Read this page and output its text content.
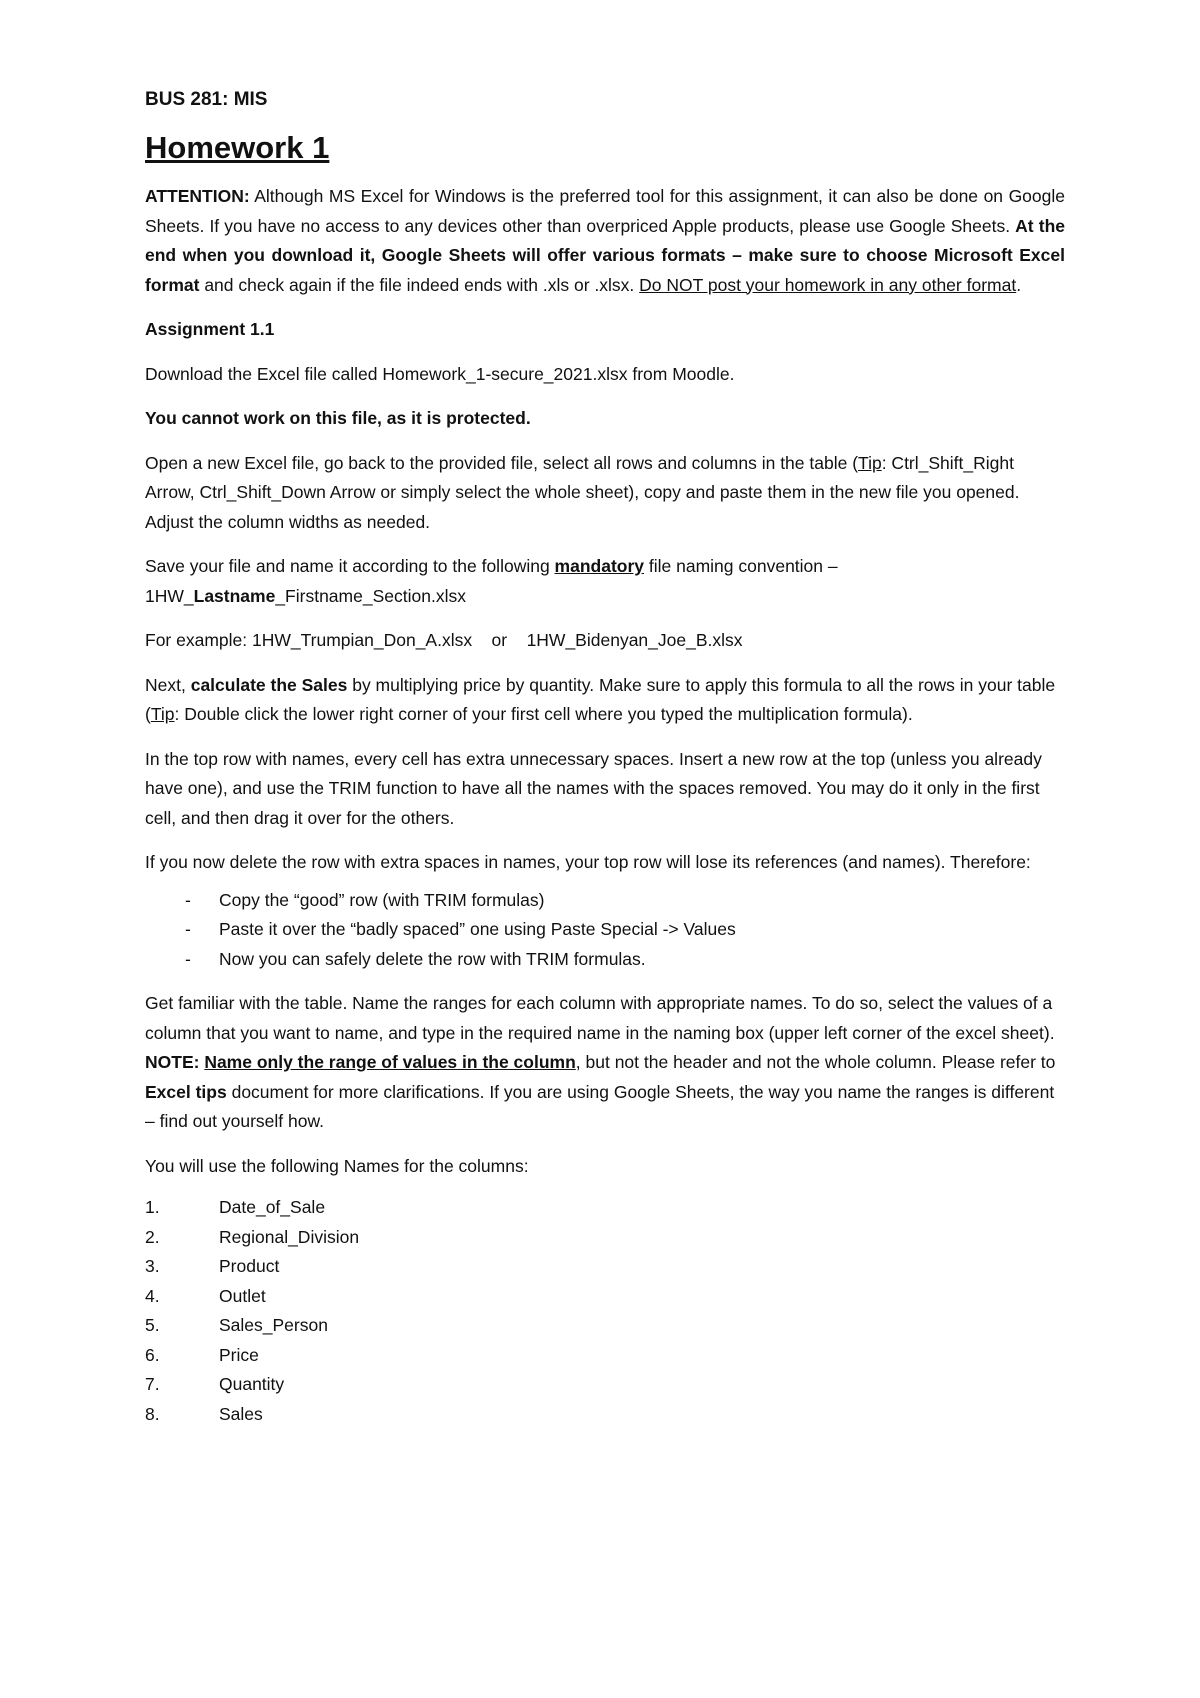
BUS 281: MIS
Homework 1

ATTENTION: Although MS Excel for Windows is the preferred tool for this assignment, it can also be done on Google Sheets. If you have no access to any devices other than overpriced Apple products, please use Google Sheets. At the end when you download it, Google Sheets will offer various formats – make sure to choose Microsoft Excel format and check again if the file indeed ends with .xls or .xlsx. Do NOT post your homework in any other format.

Assignment 1.1

Download the Excel file called Homework_1-secure_2021.xlsx from Moodle.

You cannot work on this file, as it is protected.

Open a new Excel file, go back to the provided file, select all rows and columns in the table (Tip: Ctrl_Shift_Right Arrow, Ctrl_Shift_Down Arrow or simply select the whole sheet), copy and paste them in the new file you opened. Adjust the column widths as needed.

Save your file and name it according to the following mandatory file naming convention – 1HW_Lastname_Firstname_Section.xlsx

For example: 1HW_Trumpian_Don_A.xlsx    or    1HW_Bidenyan_Joe_B.xlsx

Next, calculate the Sales by multiplying price by quantity. Make sure to apply this formula to all the rows in your table (Tip: Double click the lower right corner of your first cell where you typed the multiplication formula).

In the top row with names, every cell has extra unnecessary spaces. Insert a new row at the top (unless you already have one), and use the TRIM function to have all the names with the spaces removed. You may do it only in the first cell, and then drag it over for the others.

If you now delete the row with extra spaces in names, your top row will lose its references (and names). Therefore:

- Copy the “good” row (with TRIM formulas)
- Paste it over the “badly spaced” one using Paste Special -> Values
- Now you can safely delete the row with TRIM formulas.

Get familiar with the table. Name the ranges for each column with appropriate names. To do so, select the values of a column that you want to name, and type in the required name in the naming box (upper left corner of the excel sheet). NOTE: Name only the range of values in the column, but not the header and not the whole column. Please refer to Excel tips document for more clarifications. If you are using Google Sheets, the way you name the ranges is different – find out yourself how.

You will use the following Names for the columns:

1.	Date_of_Sale
2.	Regional_Division
3.	Product
4.	Outlet
5.	Sales_Person
6.	Price
7.	Quantity
8.	Sales
